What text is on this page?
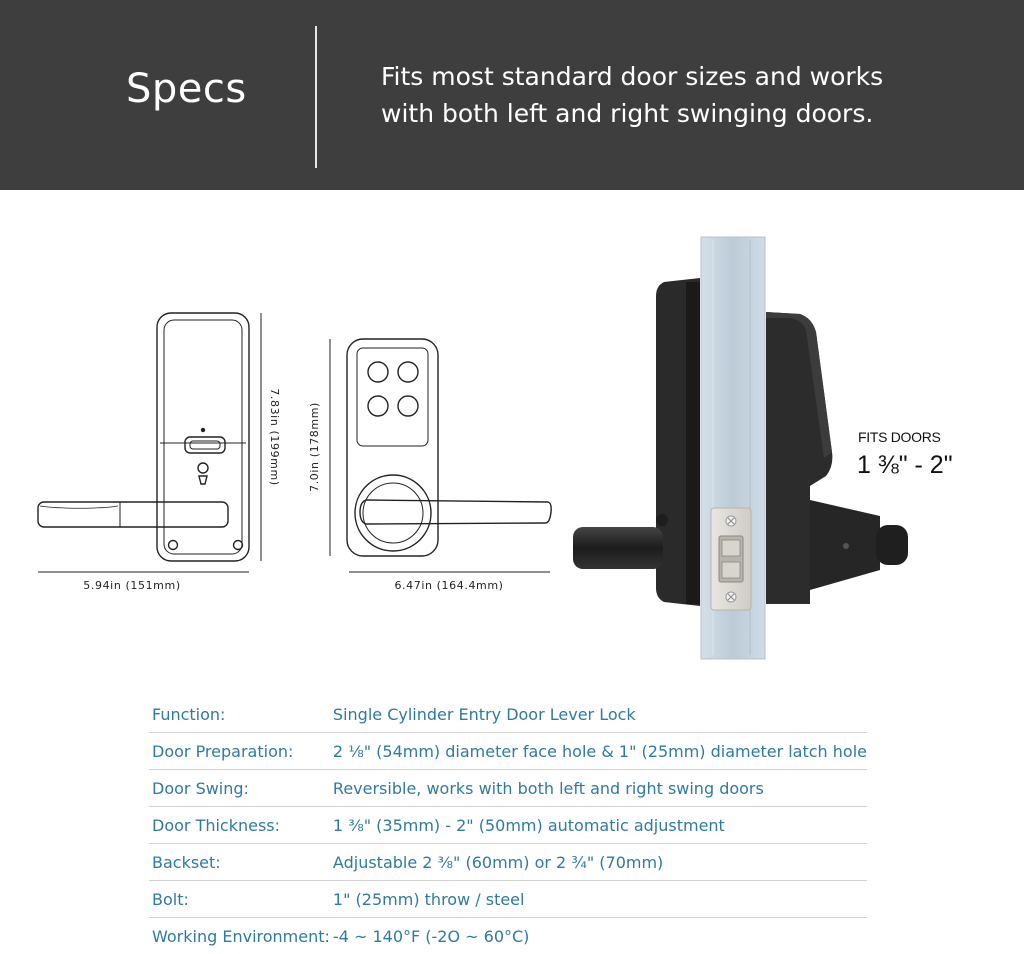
Specs	Fits most standard door sizes and works
with both left and right swinging doors.
7.83in (199mm)
5.94in (151mm)
7.0in (178mm)
6.47in (164.4mm)
FITS DOORS
1 ⅜" - 2"
Function:	Single Cylinder Entry Door Lever Lock
Door Preparation:	2 ⅛" (54mm) diameter face hole & 1" (25mm) diameter latch hole
Door Swing:	Reversible, works with both left and right swing doors
Door Thickness:	1 ⅜" (35mm) - 2" (50mm) automatic adjustment
Backset:	Adjustable 2 ⅜" (60mm) or 2 ¾" (70mm)
Bolt:	1" (25mm) throw / steel
Working Environment:	-4 ~ 140°F (-2O ~ 60°C)
